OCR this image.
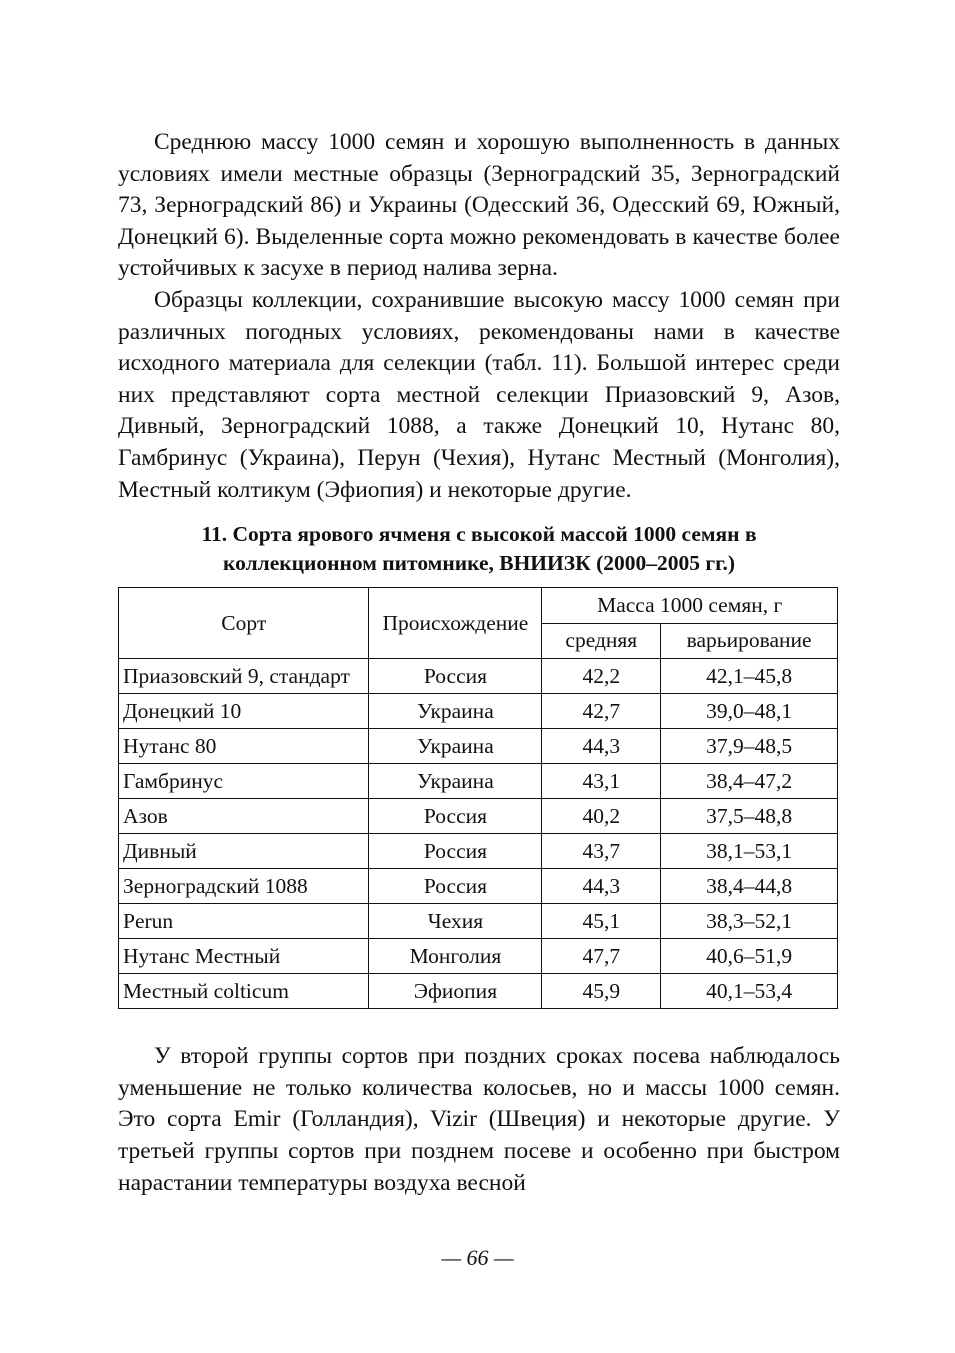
Среднюю массу 1000 семян и хорошую выполненность в данных условиях имели местные образцы (Зерноградский 35, Зерноградский 73, Зерноградский 86) и Украины (Одесский 36, Одесский 69, Южный, Донецкий 6). Выделенные сорта можно рекомендовать в качестве более устойчивых к засухе в период налива зерна.

Образцы коллекции, сохранившие высокую массу 1000 семян при различных погодных условиях, рекомендованы нами в качестве исходного материала для селекции (табл. 11). Большой интерес среди них представляют сорта местной селекции Приазовский 9, Азов, Дивный, Зерноградский 1088, а также Донецкий 10, Нутанс 80, Гамбринус (Украина), Перун (Чехия), Нутанс Местный (Монголия), Местный колтикум (Эфиопия) и некоторые другие.

11. Сорта ярового ячменя с высокой массой 1000 семян в
коллекционном питомнике, ВНИИЗК (2000–2005 гг.)
Сорт	Происхождение	Масса 1000 семян, г	
		средняя	варьирование
Приазовский 9, стандарт	Россия	42,2	42,1–45,8
Донецкий 10	Украина	42,7	39,0–48,1
Нутанс 80	Украина	44,3	37,9–48,5
Гамбринус	Украина	43,1	38,4–47,2
Азов	Россия	40,2	37,5–48,8
Дивный	Россия	43,7	38,1–53,1
Зерноградский 1088	Россия	44,3	38,4–44,8
Perun	Чехия	45,1	38,3–52,1
Нутанс Местный	Монголия	47,7	40,6–51,9
Местный colticum	Эфиопия	45,9	40,1–53,4

У второй группы сортов при поздних сроках посева наблюдалось уменьшение не только количества колосьев, но и массы 1000 семян. Это сорта Emir (Голландия), Vizir (Швеция) и некоторые другие. У третьей группы сортов при позднем посеве и особенно при быстром нарастании температуры воздуха весной

— 66 —
